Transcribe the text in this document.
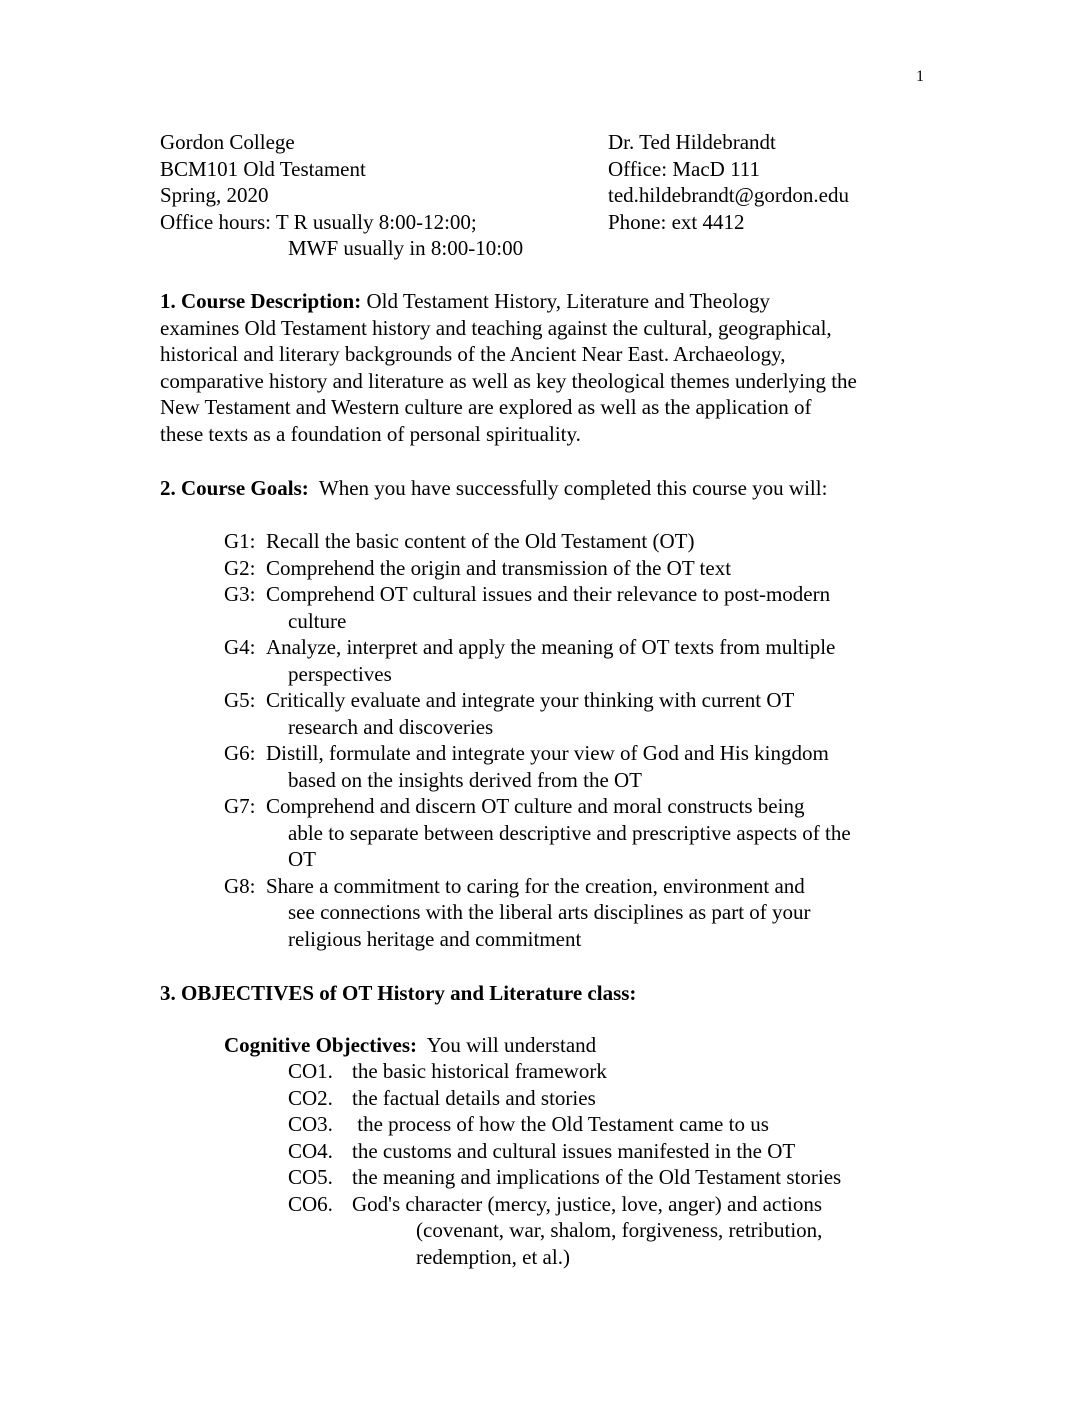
1
Gordon College
BCM101 Old Testament
Spring, 2020
Office hours: T R usually 8:00-12:00;
MWF usually in 8:00-10:00
Dr. Ted Hildebrandt
Office: MacD 111
ted.hildebrandt@gordon.edu
Phone: ext 4412
1. Course Description: Old Testament History, Literature and Theology
examines Old Testament history and teaching against the cultural, geographical,
historical and literary backgrounds of the Ancient Near East. Archaeology,
comparative history and literature as well as key theological themes underlying the
New Testament and Western culture are explored as well as the application of
these texts as a foundation of personal spirituality.
2. Course Goals:  When you have successfully completed this course you will:
G1: Recall the basic content of the Old Testament (OT)
G2: Comprehend the origin and transmission of the OT text
G3: Comprehend OT cultural issues and their relevance to post-modern
culture
G4: Analyze, interpret and apply the meaning of OT texts from multiple
perspectives
G5: Critically evaluate and integrate your thinking with current OT
research and discoveries
G6: Distill, formulate and integrate your view of God and His kingdom
based on the insights derived from the OT
G7: Comprehend and discern OT culture and moral constructs being
able to separate between descriptive and prescriptive aspects of the
OT
G8: Share a commitment to caring for the creation, environment and
see connections with the liberal arts disciplines as part of your
religious heritage and commitment
3. OBJECTIVES of OT History and Literature class:
Cognitive Objectives:  You will understand
CO1. the basic historical framework
CO2. the factual details and stories
CO3. the process of how the Old Testament came to us
CO4. the customs and cultural issues manifested in the OT
CO5. the meaning and implications of the Old Testament stories
CO6. God's character (mercy, justice, love, anger) and actions
(covenant, war, shalom, forgiveness, retribution,
redemption, et al.)
